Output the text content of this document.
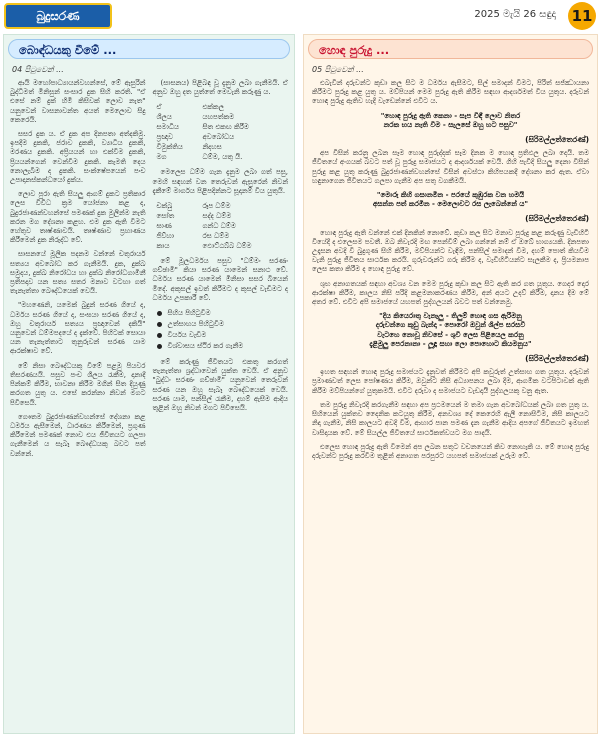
බුදුසරණ	2025 මැයි 26 සඳුදා 11
බොඳ්ධයකු වීමේ ...
04 පිටුවෙන් ...

ආයි මහෝපාධ්‍යායන්වහන්සේ, මේ ඇසුරින් බුද්ධිමත් මිනිසුන් සංසාර දුක සිහි කරති. "ඒ එසේ නම් දුක් හිමි කිසිවක් ලොව නැත" යනුවෙන් වාසනාවන්ත අයත් මෙලොව සිදු කෙරෙයි.

සසර දුක ය. ඒ දුක අප දිනපතා අත්දකිමු. ඉපදීම දුකකි, ජරාව දුකකි, ව්‍යාධිය දුකකි, මරණය දුකකි. අප්‍රියයන් හා එක්වීම දුකකි, ප්‍රියයන්ගෙන් වෙන්වීම දුකකි. කැමති දෙය නොලැබීම ද දුකකි. සංක්ෂේපයෙන් පංච උපාදානස්කන්ධයෝ දුක්ය.

ලොව පුරා ඇති සියලු ආගම් දුකට ප්‍රතිකාර ලෙස විවිධ ක්‍රම යෝජනා කළ ද, බුදුරජාණන්වහන්සේ පමණක් දුක මුලින්ම නැති කරන මග දේශනා කළහ. එම දුක ඇති වීමට හේතුව තෘෂ්ණාවයි. තෘෂ්ණාව ප්‍රහාණය කිරීමෙන් දුක නිරුද්ධ වේ.

සාසනයේ මූලික පදනම වන්නේ චතුරාර්ය සත්‍යය අවබෝධ කර ගැනීමයි. දුක, දුක්ඛ සමුදය, දුක්ඛ නිරෝධය හා දුක්ඛ නිරෝධගාමිනී ප්‍රතිපදාව යන සත්‍ය සතර මනාව වටහා ගත් තැනැත්තා බෞද්ධයෙක් වෙයි.

"මහණෙනි, යමෙක් බුදුන් සරණ ගියේ ද, ධර්මය සරණ ගියේ ද, සංඝයා සරණ ගියේ ද, ඔහු චතුරාර්ය සත්‍යය ප්‍රඥාවෙන් දකියි" යනුවෙන් ධම්මපදයේ ද දැක්වේ. පිහිටක් සොයා යන තැනැත්තාට තුනුරුවන් සරණ යාම ආරක්ෂාව වේ.

මේ නිසා බෞද්ධයකු වීමේ පළමු පියවර තිසරණයයි. පසුව පංච ශීලය රැකීම, දානාදී පින්කම් කිරීම, භාවනා කිරීම මගින් සිත දියුණු කරගත යුතු ය. එසේ කරන්නා නිවන් මගට පිවිසෙයි.

ගෞතම බුදුරජාණන්වහන්සේ දේශනා කළ ධර්මය ඇසීමෙන්, ධාරණය කිරීමෙන්, ප්‍රගුණ කිරීමෙන් පමණක් නොව එය ජීවිතයට ගලපා ගැනීමෙන් ය සැබෑ බෞද්ධයකු බවට පත් වන්නේ.

(සාසනය) පිළිබඳ වූ දැනුම ලබා ගැනීමයි. ඒ අනුව ඔහු දත යුත්තේ මෙවැනි කරුණු ය.

ඒ	එක්කල
ශීලය	යහපත්කම
සමාධිය	සිත එකඟ කිරීම
ප්‍රඥාව	අවබෝධය
විමුක්තිය	නිදහස
මග	ධම්ම, යතු යි.

මෙලෙස ධම්ම ගැන දැනුම ලබා ගත් පසු, මෙහි සඳහන් වන තෙරුවන් ඇසුරෙන් නිවන් දැකීමේ මාර්ගය පිළිපදින්නට සූදානම් විය යුතුයි.

චක්ඛු	රූප ධම්ම
සෝත	සද්ද ධම්ම
ඝාණ	ගන්ධ ධම්ම
ජිව්හා	රස ධම්ම
කාය	ඵොට්ඨබ්බ ධම්ම

මේ මූලධර්මය පසුව "ධම්මං සරණං ගච්ඡාමි" කියා සරණ යාමෙන් සනාථ වේ. ධර්මය සරණ යාමෙන් මිනිසා සසර බියෙන් මිදේ. අකුසල් ඉවත් කිරීමට ද කුසල් වැඩීමට ද ධර්මය උපකාරී වේ.

සිහිය පිහිටුවීම
උත්සාහය පිහිටුවීම
වීර්යය වැඩීම
විශ්වාසය ස්ථිර කර ගැනීම

මේ කරුණු ජීවිතයට එකතු කරගත් තැනැත්තා ශ්‍රද්ධාවෙන් යුක්ත වෙයි. ඒ අනුව "බුද්ධං සරණං ගච්ඡාමි" යනුවෙන් තෙරුවන් සරණ යන ඔහු සැබෑ බෞද්ධයෙක් වෙයි. සරණ යාම, පන්සිල් රැකීම, දහම් ඇසීම ආදිය තුළින් ඔහු නිවන් මගට පිවිසෙයි.

හොඳ පුරුදු ...
05 පිටුවෙන් ...

එබැවින් දරුවන්ට කුඩා කල සිට ම ධර්මය ඇසීමට, සිල් සමාදන් වීමට, පිරිත් සජ්ඣායනා කිරීමට පුරුදු කළ යුතු ය. මව්පියන් මෙම පුරුදු ඇති කිරීම සඳහා ආදර්ශමත් විය යුතුය. දරුවන් හොඳ පුරුදු ඇතිව හැදී වැඩෙන්නේ එවිට ය.

"හොඳ පුරුදු ඇති කෙනා - සැප විඳී ලොව නිතර
නරක භය නැති වීම - සැලසේ ඔහු හට පසුව"
(සිරිමල්ලත්තෙරණ්)

අප විසින් කරනු ලබන සෑම හොඳ පුරුද්දක් සෑම දිනක ම හොඳ ප්‍රතිඵල ලබා දෙයි. තම ජීවිතයේ අංගයක් බවට පත් වූ පුරුදු සමාජයට ද ආදර්ශයක් වෙයි. ගිහි පැවිදි සියලු දෙනා විසින් පුරුදු කළ යුතු කරුණු බුදුරජාණන්වහන්සේ විසින් අවස්ථා කිහිපයකදී දේශනා කර ඇත. ඒවා හඳුනාගෙන ජීවිතයට ගලපා ගැනීම අප සතු වගකීමයි.

"මොරු කිහි ගසානමින - පරයේ කුඹුරක වන හමයි
අසන්න පත් කරමින - මෙලොවට රස ලැබෙන්නේ ය"
(සිරිමල්ලත්තෙරණ්)

හොඳ පුරුදු ඇති වන්නේ එක් දිනකින් නොවේ. කුඩා කල සිට මනාව පුරුදු කළ කරුණු වැඩිහිටි වියේදී ද එලෙසම පවතී. ඔබ නිවැරදි මඟ පෙන්වීම් ලබා ගන්නේ නම් ඒ ඔබේ භාග්‍යයකි. දිනපතා උදෑසන අවදි වී බුදුගුණ සිහි කිරීම, මව්පියන්ට වැඳීම, පන්සිල් සමාදන් වීම, දහම් පොත් කියවීම වැනි පුරුදු ජීවිතය සාර්ථක කරයි. ගුරුවරුන්ට ගරු කිරීම ද, වැඩිහිටියන්ට සැලකීම ද, ප්‍රියමනාප ලෙස කතා කිරීම ද හොඳ පුරුදු වේ.

ශුභ අනාගතයක් සඳහා අවශ්‍ය වන මෙම පුරුදු කුඩා කල සිට ඇති කර ගත යුතුය. ගෙදර දොර ආරක්ෂා කිරීම, කාලය නිසි පරිදි කළමනාකරණය කිරීම, අන් අයට උදව් කිරීම, දානය දීම මේ අතර වේ. එවිට අපි සමාජයේ යහපත් පුද්ගලයන් බවට පත් වන්නෙමු.

"දිය කියෙරාතු වැනෑ‍ලු - තිලුම් හොඳ ගස ඇරිමනු
දරුවන්ගෙ කුඩු බැන්දා - පොරෝ ඔවුන් ශිල්ප සරසවි
වැටහෙ නොවූ නිවසේ - ශුවි ලෙස පිළියෙල කරනු
දැළිමුලු පෙරනානා - ලූඳූ සහා ලො පොහොට කියමනුය"
(සිරිමල්ලත්තෙරණ්)

ඉහත සඳහන් හොඳ පුරුදු සමාජයට දැනුවත් කිරීමට අපි කවුරුත් උත්සාහ ගත යුතුය. දරුවන් ප්‍රමාණවත් ලෙස පෝෂණය කිරීම, ඔවුන්ට නිසි අධ්‍යාපනය ලබා දීම, ආගමික වටපිටාවක් ඇති කිරීම මව්පියන්ගේ යුතුකමයි. එවිට දරුවා ද සමාජයට වැඩදායී පුද්ගලයකු වනු ඇත.

තම පුරුදු නිවැරදි කරගැනීම සඳහා අප ප්‍රථමයෙන් ම තමා ගැන අවබෝධයක් ලබා ගත යුතු ය. සිහියෙන් යුක්තව දෛනික කටයුතු කිරීම, අනවශ්‍ය දේ කෙරෙහි ඇලී නොසිටීම, නිසි කාලයට නිදා ගැනීම, නිසි කාලයට අවදි වීම, ආහාර පාන පමණ දැන ගැනීම ආදිය අපගේ ජීවිතයට ඉමහත් වාසිදායක වේ. මේ සියල්ල ජීවිතයේ සාර්ථකත්වයට මග පාදයි.

එලෙස හොඳ පුරුදු ඇති වීමෙන් අප ලබන සතුට වචනයෙන් කිව නොහැකි ය. මේ හොඳ පුරුදු දරුවන්ට පුරුදු කරවීම තුළින් අනාගත පරපුරට යහපත් සමාජයක් උරුම වේ.
